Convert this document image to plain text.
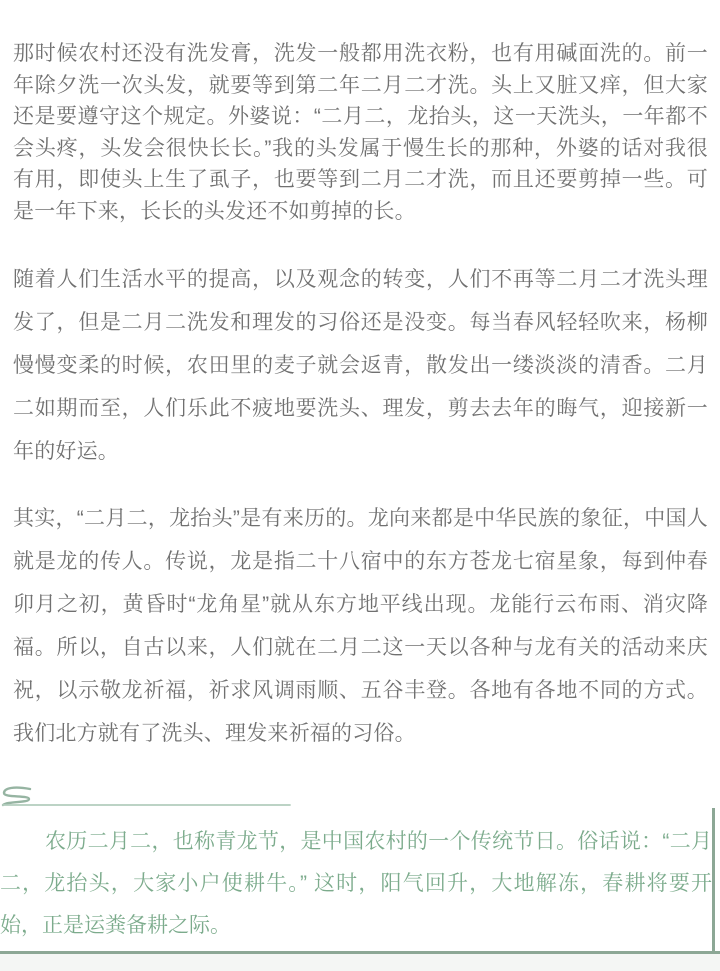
那时候农村还没有洗发膏，洗发一般都用洗衣粉，也有用碱面洗的。前一年除夕洗一次头发，就要等到第二年二月二才洗。头上又脏又痒，但大家还是要遵守这个规定。外婆说：“二月二，龙抬头，这一天洗头，一年都不会头疼，头发会很快长长。”我的头发属于慢生长的那种，外婆的话对我很有用，即使头上生了虱子，也要等到二月二才洗，而且还要剪掉一些。可是一年下来，长长的头发还不如剪掉的长。
随着人们生活水平的提高，以及观念的转变，人们不再等二月二才洗头理发了，但是二月二洗发和理发的习俗还是没变。每当春风轻轻吹来，杨柳慢慢变柔的时候，农田里的麦子就会返青，散发出一缕淡淡的清香。二月二如期而至，人们乐此不疲地要洗头、理发，剪去去年的晦气，迎接新一年的好运。
其实，“二月二，龙抬头”是有来历的。龙向来都是中华民族的象征，中国人就是龙的传人。传说，龙是指二十八宿中的东方苍龙七宿星象，每到仲春卯月之初，黄昏时“龙角星”就从东方地平线出现。龙能行云布雨、消灾降福。所以，自古以来，人们就在二月二这一天以各种与龙有关的活动来庆祝，以示敬龙祈福，祈求风调雨顺、五谷丰登。各地有各地不同的方式。我们北方就有了洗头、理发来祈福的习俗。
农历二月二，也称青龙节，是中国农村的一个传统节日。俗话说：“二月二，龙抬头，大家小户使耕牛。” 这时，阳气回升，大地解冻，春耕将要开始，正是运粪备耕之际。
